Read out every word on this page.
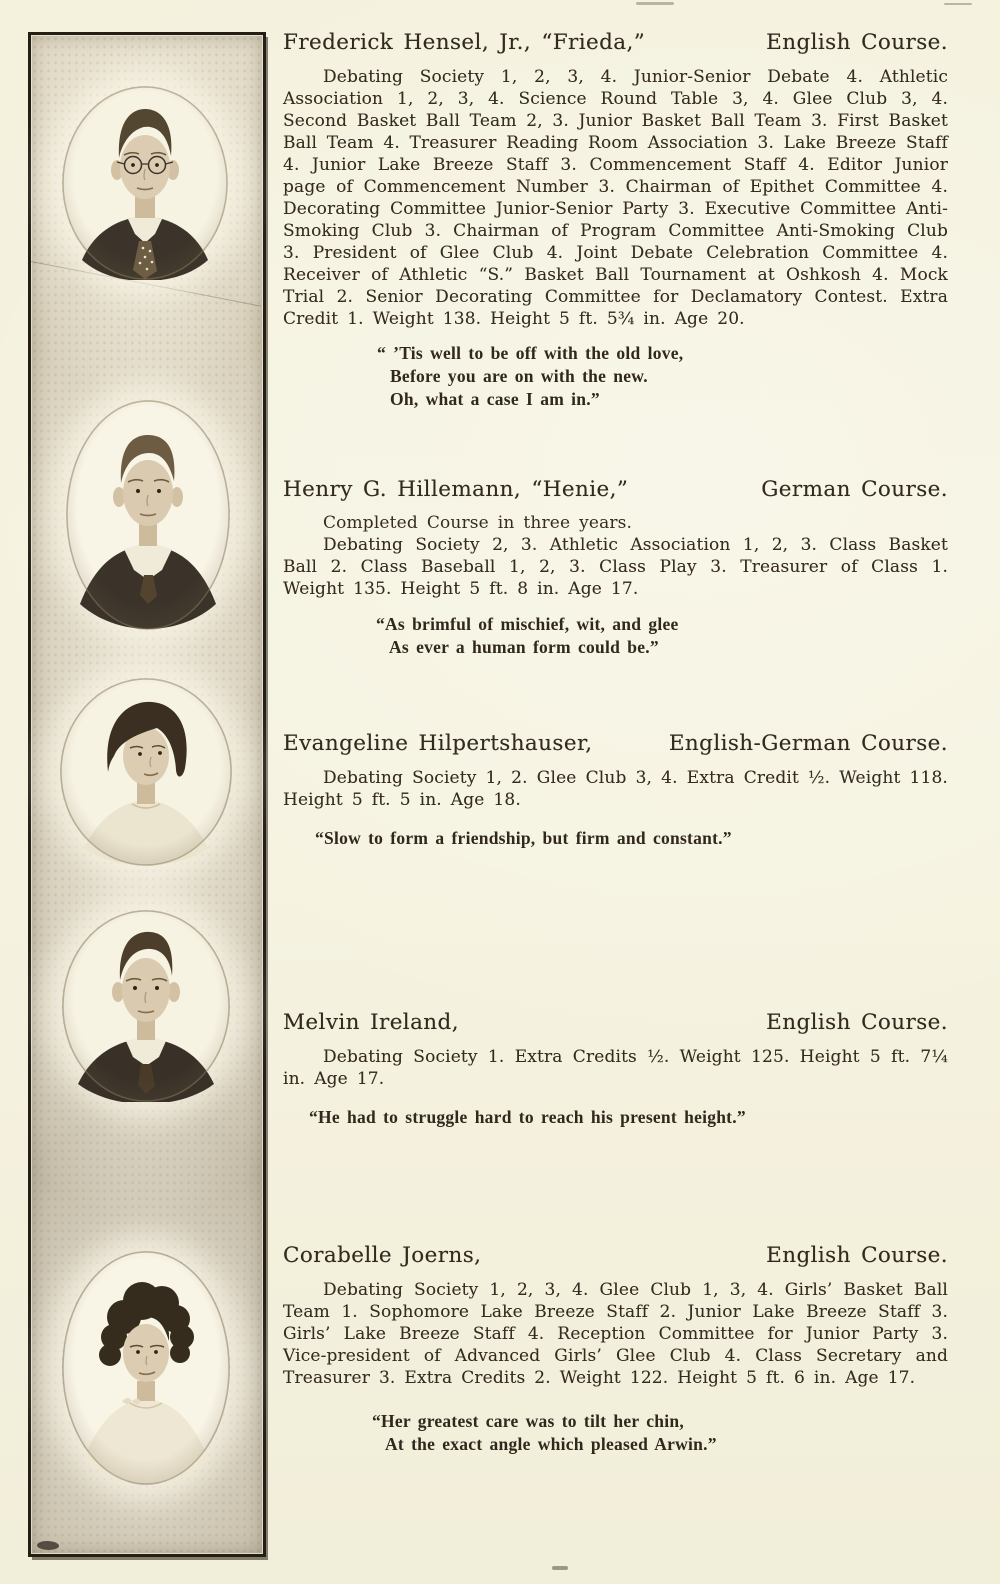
Frederick Hensel, Jr., “Frieda,”	English Course.

Debating Society 1, 2, 3, 4. Junior-Senior Debate 4. Athletic Association 1, 2, 3, 4. Science Round Table 3, 4. Glee Club 3, 4. Second Basket Ball Team 2, 3. Junior Basket Ball Team 3. First Basket Ball Team 4. Treasurer Reading Room Association 3. Lake Breeze Staff 4. Junior Lake Breeze Staff 3. Commencement Staff 4. Editor Junior page of Commencement Number 3. Chairman of Epithet Committee 4. Decorating Committee Junior-Senior Party 3. Executive Committee Anti-Smoking Club 3. Chairman of Program Committee Anti-Smoking Club 3. President of Glee Club 4. Joint Debate Celebration Committee 4. Receiver of Athletic “S.” Basket Ball Tournament at Oshkosh 4. Mock Trial 2. Senior Decorating Committee for Declamatory Contest. Extra Credit 1. Weight 138. Height 5 ft. 5¾ in. Age 20.

“ ’Tis well to be off with the old love,
Before you are on with the new.
Oh, what a case I am in.”
Henry G. Hillemann, “Henie,”	German Course.

Completed Course in three years.

Debating Society 2, 3. Athletic Association 1, 2, 3. Class Basket Ball 2. Class Baseball 1, 2, 3. Class Play 3. Treasurer of Class 1. Weight 135. Height 5 ft. 8 in. Age 17.

“As brimful of mischief, wit, and glee
As ever a human form could be.”
Evangeline Hilpertshauser,	English-German Course.

Debating Society 1, 2. Glee Club 3, 4. Extra Credit ½. Weight 118. Height 5 ft. 5 in. Age 18.

“Slow to form a friendship, but firm and constant.”
Melvin Ireland,	English Course.

Debating Society 1. Extra Credits ½. Weight 125. Height 5 ft. 7¼ in. Age 17.

“He had to struggle hard to reach his present height.”
Corabelle Joerns,	English Course.

Debating Society 1, 2, 3, 4. Glee Club 1, 3, 4. Girls’ Basket Ball Team 1. Sophomore Lake Breeze Staff 2. Junior Lake Breeze Staff 3. Girls’ Lake Breeze Staff 4. Reception Committee for Junior Party 3. Vice-president of Advanced Girls’ Glee Club 4. Class Secretary and Treasurer 3. Extra Credits 2. Weight 122. Height 5 ft. 6 in. Age 17.

“Her greatest care was to tilt her chin,
At the exact angle which pleased Arwin.”
